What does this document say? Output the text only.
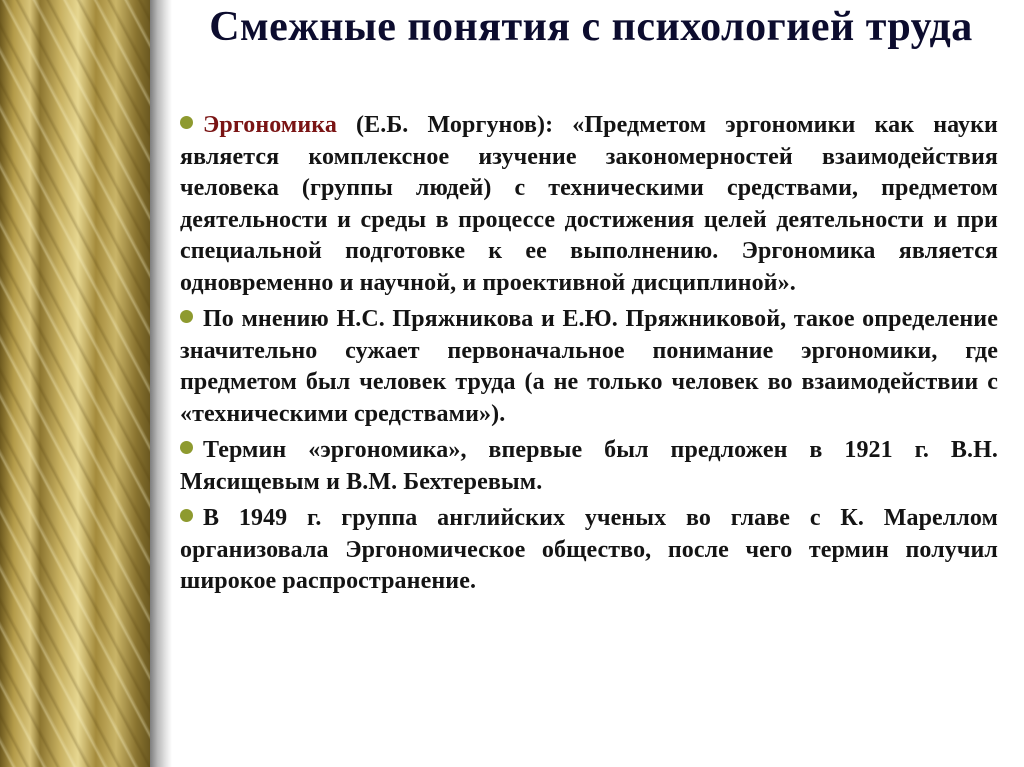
Смежные понятия с психологией труда
Эргономика (Е.Б. Моргунов): «Предметом эргономики как науки является комплексное изучение закономерностей взаимодействия человека (группы людей) с техническими средствами, предметом деятельности и среды в процессе достижения целей деятельности и при специальной подготовке к ее выполнению. Эргономика является одновременно и научной, и проективной дисциплиной».
По мнению Н.С. Пряжникова и Е.Ю. Пряжниковой, такое определение значительно сужает первоначальное понимание эргономики, где предметом был человек труда (а не только человек во взаимодействии с «техническими средствами»).
Термин «эргономика», впервые был предложен в 1921 г. В.Н. Мясищевым и В.М. Бехтеревым.
В 1949 г. группа английских ученых во главе с К. Мареллом организовала Эргономическое общество, после чего термин получил широкое распространение.
